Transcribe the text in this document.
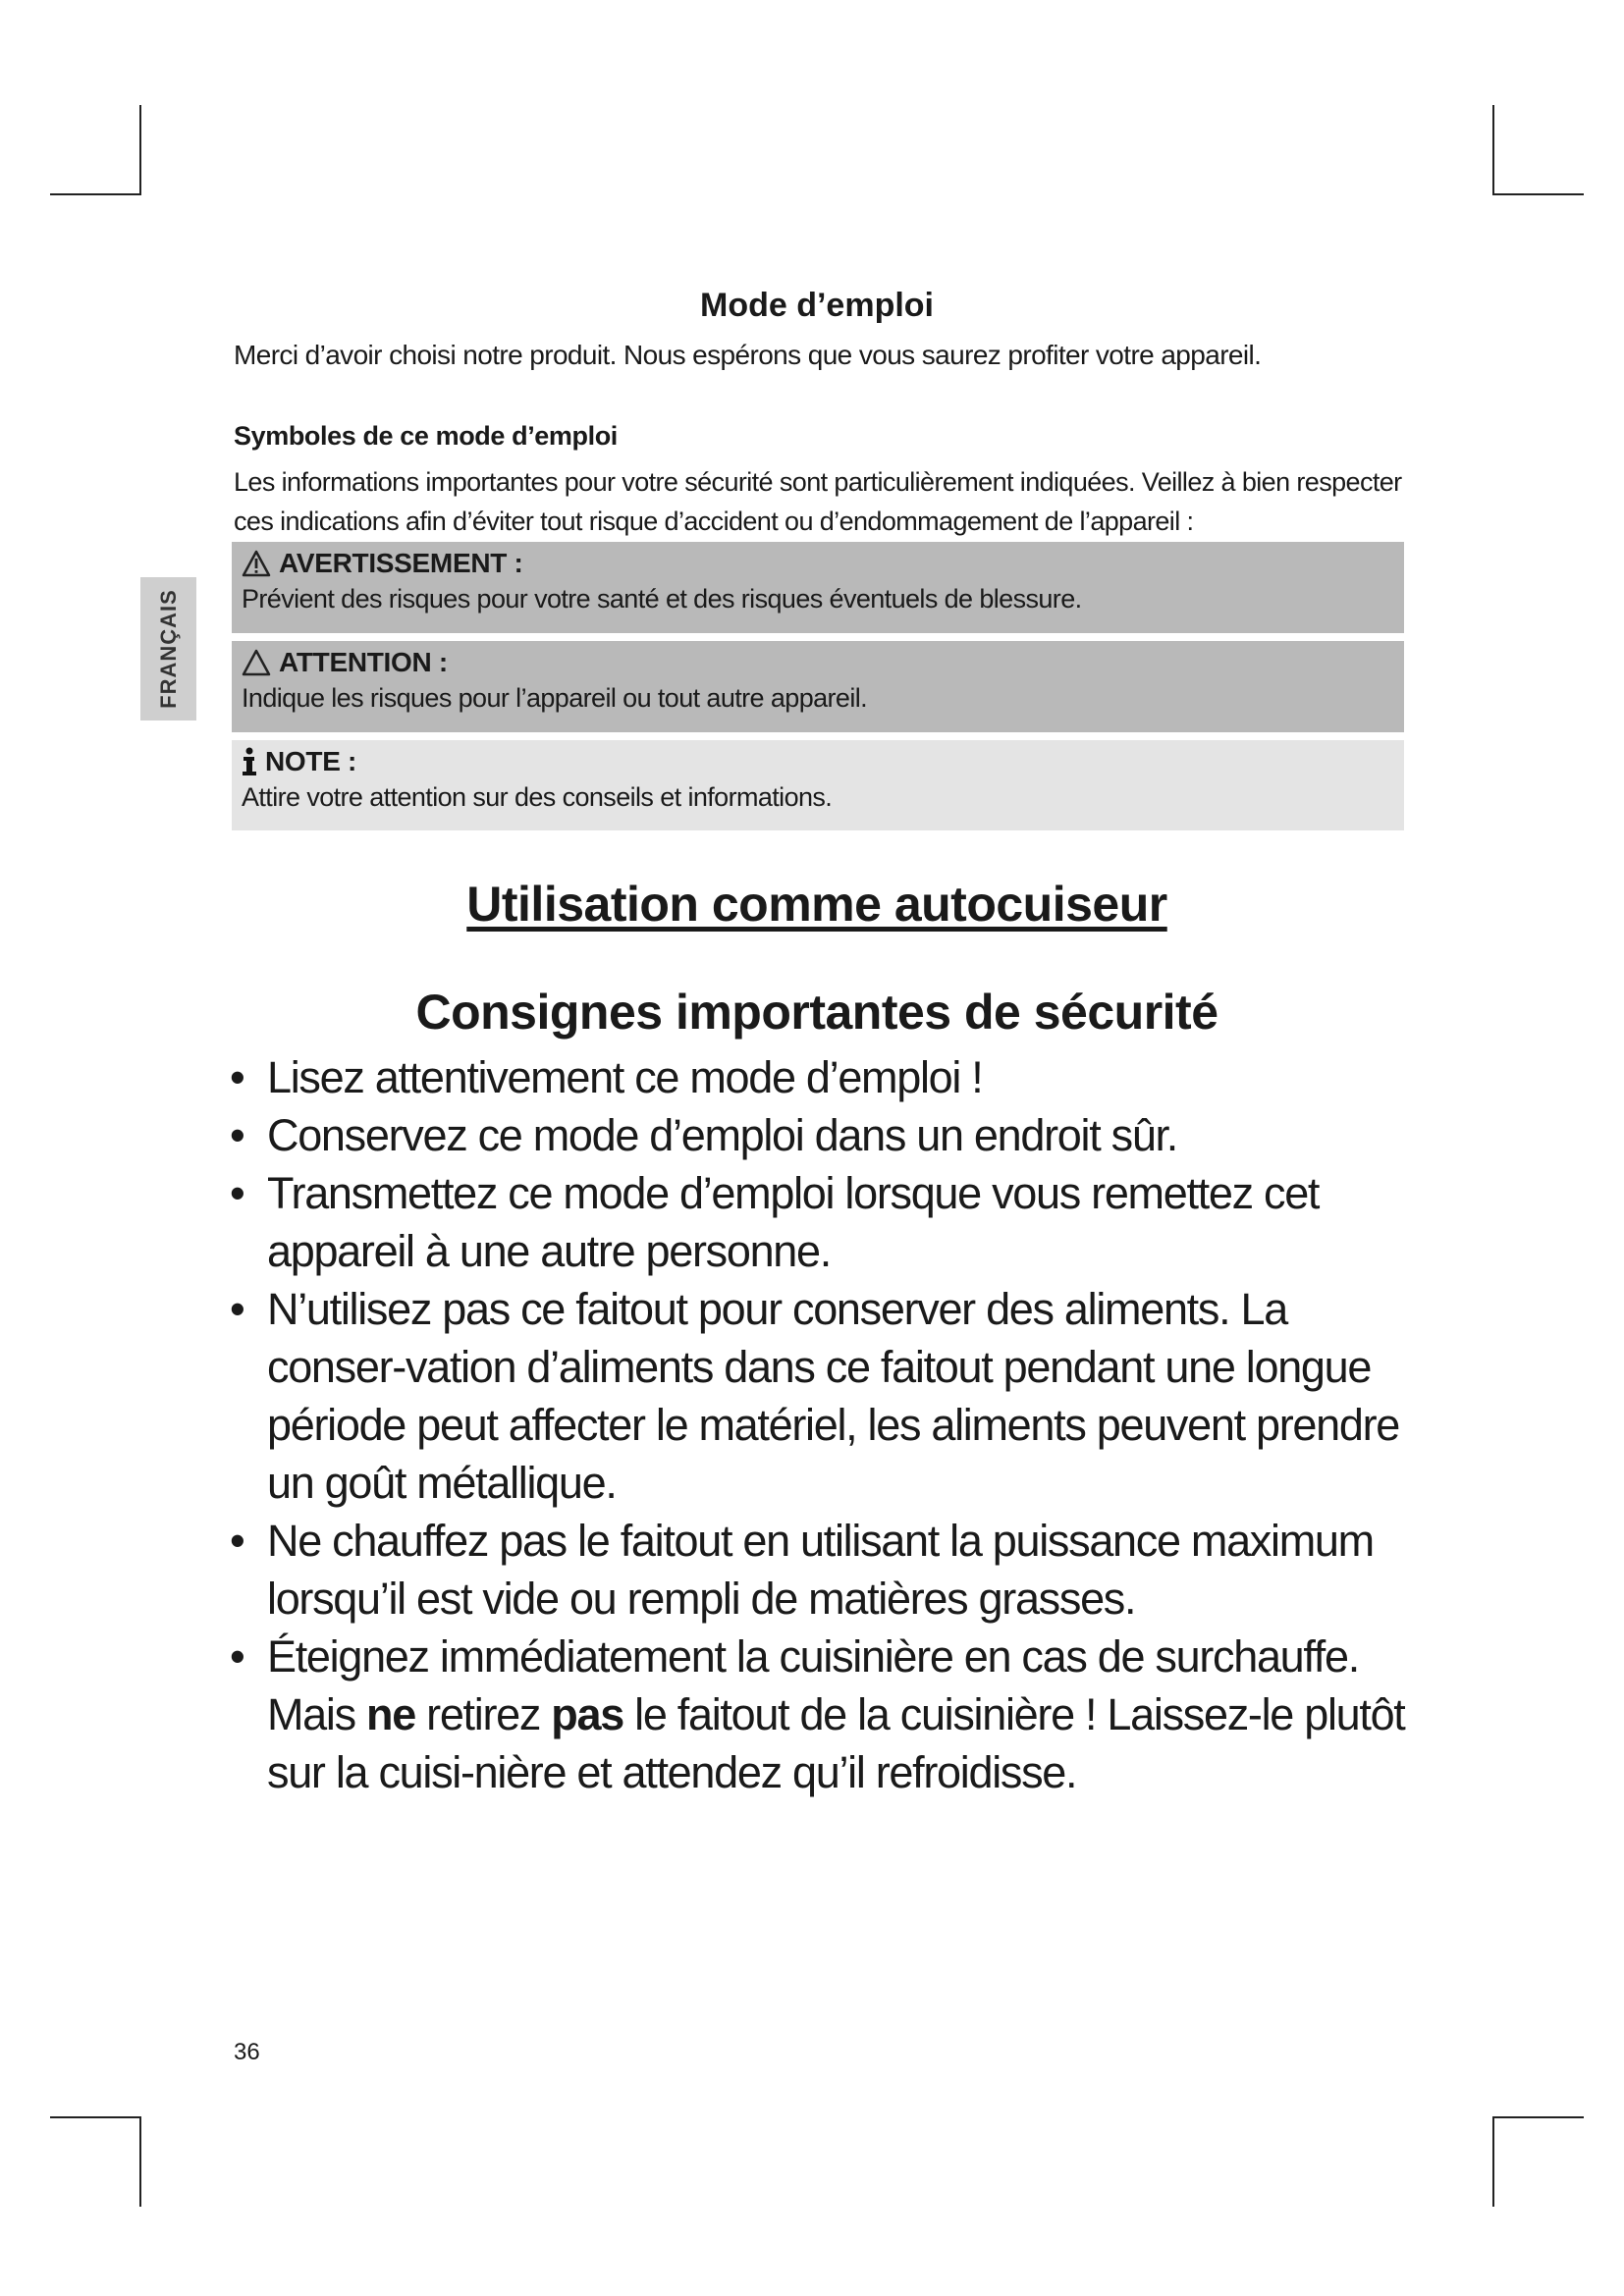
FRANÇAIS
Mode d’emploi
Merci d’avoir choisi notre produit. Nous espérons que vous saurez profiter votre appareil.
Symboles de ce mode d’emploi
Les informations importantes pour votre sécurité sont particulièrement indiquées. Veillez à bien respecter ces indications afin d’éviter tout risque d’accident ou d’endommagement de l’appareil :
AVERTISSEMENT :
Prévient des risques pour votre santé et des risques éventuels de blessure.
ATTENTION :
Indique les risques pour l’appareil ou tout autre appareil.
NOTE :
Attire votre attention sur des conseils et informations.
Utilisation comme autocuiseur
Consignes importantes de sécurité
• Lisez attentivement ce mode d’emploi !
• Conservez ce mode d’emploi dans un endroit sûr.
• Transmettez ce mode d’emploi lorsque vous remettez cet appareil à une autre personne.
• N’utilisez pas ce faitout pour conserver des aliments. La conser-vation d’aliments dans ce faitout pendant une longue période peut affecter le matériel, les aliments peuvent prendre un goût métallique.
• Ne chauffez pas le faitout en utilisant la puissance maximum lorsqu’il est vide ou rempli de matières grasses.
• Éteignez immédiatement la cuisinière en cas de surchauffe. Mais ne retirez pas le faitout de la cuisinière ! Laissez-le plutôt sur la cuisi-nière et attendez qu’il refroidisse.
36
